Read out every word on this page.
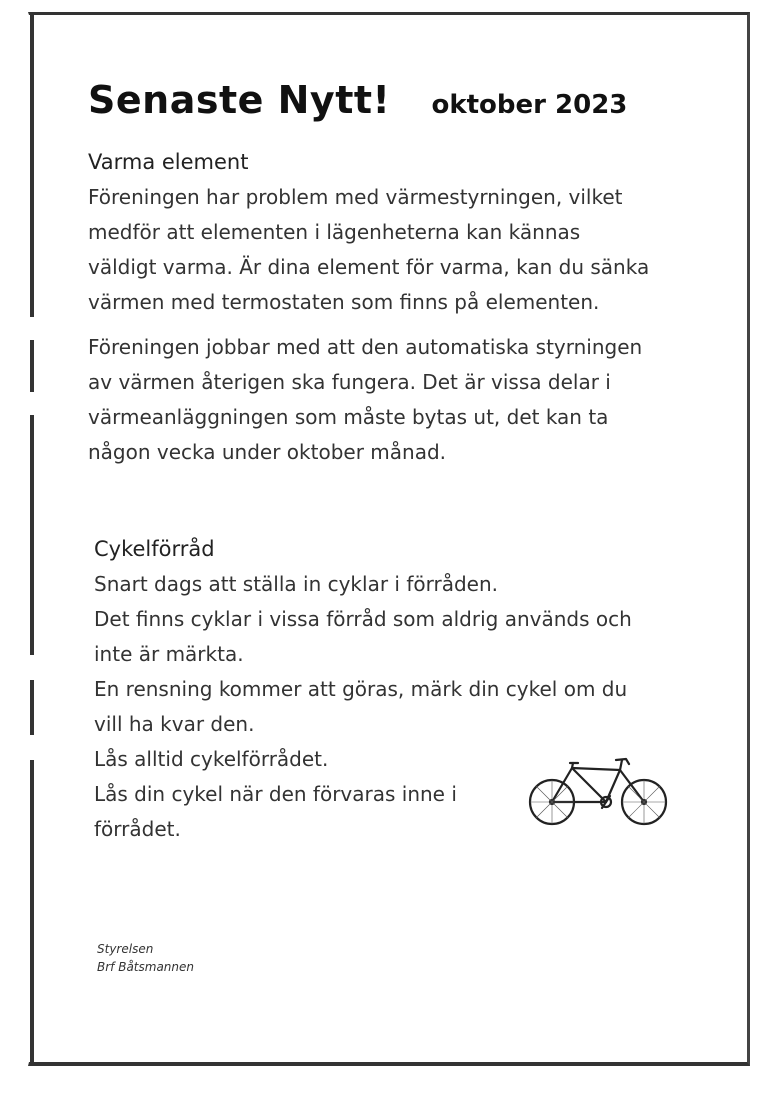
Senaste Nytt! oktober 2023
Varma element
Föreningen har problem med värmestyrningen, vilket
medför att elementen i lägenheterna kan kännas
väldigt varma. Är dina element för varma, kan du sänka
värmen med termostaten som finns på elementen.
Föreningen jobbar med att den automatiska styrningen
av värmen återigen ska fungera. Det är vissa delar i
värmeanläggningen som måste bytas ut, det kan ta
någon vecka under oktober månad.
Cykelförråd
Snart dags att ställa in cyklar i förråden.
Det finns cyklar i vissa förråd som aldrig används och
inte är märkta.
En rensning kommer att göras, märk din cykel om du
vill ha kvar den.
Lås alltid cykelförrådet.
Lås din cykel när den förvaras inne i
förrådet.
Styrelsen
Brf Båtsmannen
